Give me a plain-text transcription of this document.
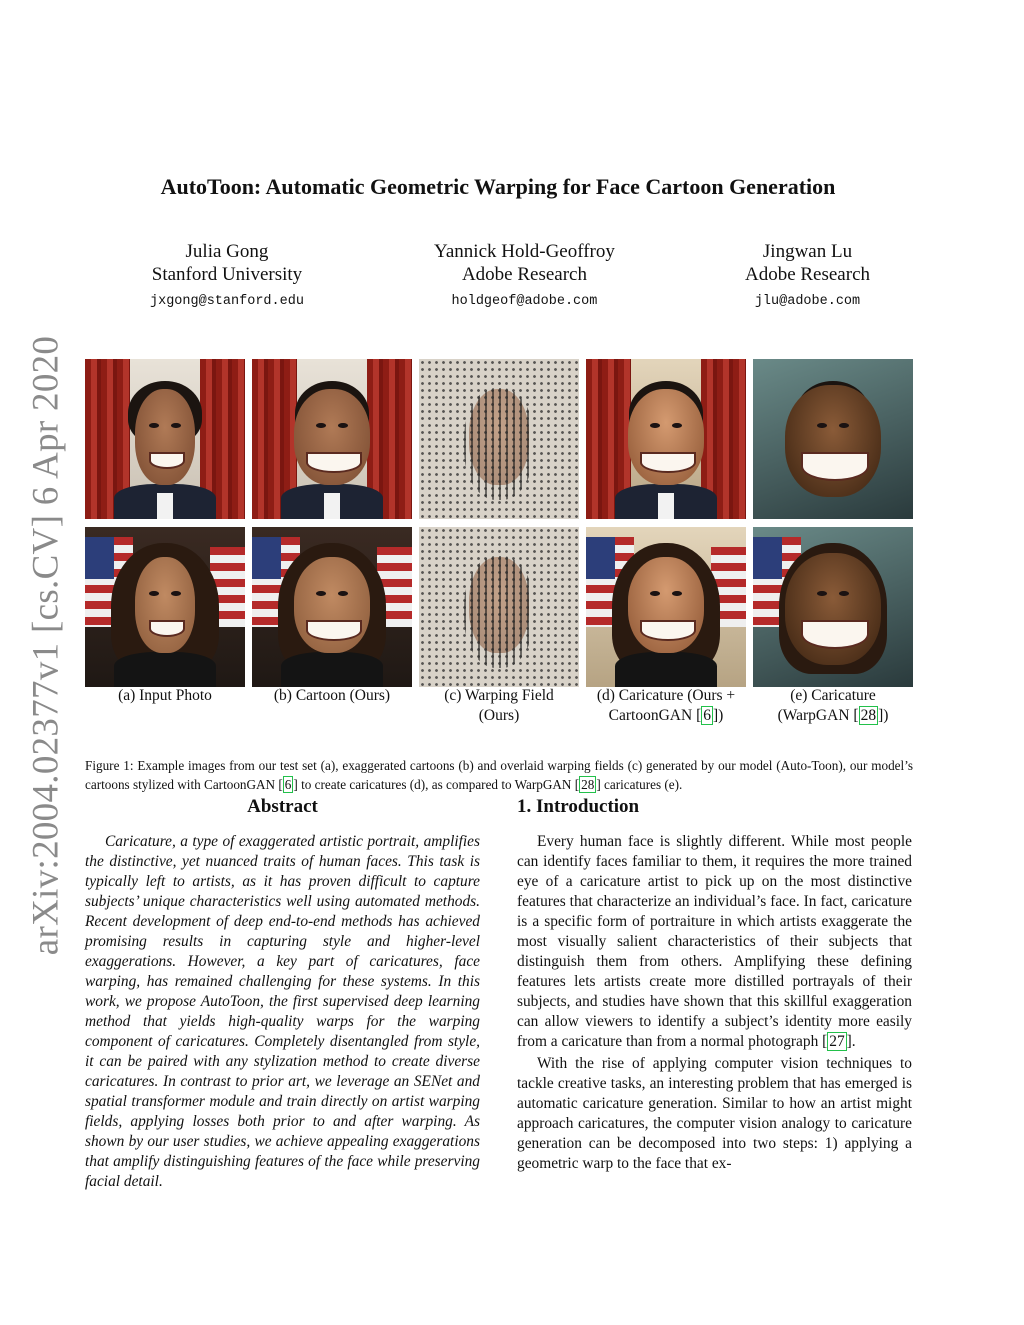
arXiv:2004.02377v1 [cs.CV] 6 Apr 2020
AutoToon: Automatic Geometric Warping for Face Cartoon Generation
Julia Gong
Stanford University
jxgong@stanford.edu
Yannick Hold-Geoffroy
Adobe Research
holdgeof@adobe.com
Jingwan Lu
Adobe Research
jlu@adobe.com
(a) Input Photo	(b) Cartoon (Ours)	(c) Warping Field
(Ours)
(d) Caricature (Ours +
CartoonGAN [ 6 ])
(e) Caricature
(WarpGAN [ 28 ])

Figure 1: Example images from our test set (a), exaggerated cartoons (b) and overlaid warping fields (c) generated by our model (Auto-Toon), our model’s cartoons stylized with CartoonGAN [ 6 ] to create caricatures (d), as compared to WarpGAN [ 28 ] caricatures (e).

Abstract

Caricature, a type of exaggerated artistic portrait, amplifies the distinctive, yet nuanced traits of human faces. This task is typically left to artists, as it has proven difficult to capture subjects’ unique characteristics well using automated methods. Recent development of deep end-to-end methods has achieved promising results in capturing style and higher-level exaggerations. However, a key part of caricatures, face warping, has remained challenging for these systems. In this work, we propose AutoToon, the first supervised deep learning method that yields high-quality warps for the warping component of caricatures. Completely disentangled from style, it can be paired with any stylization method to create diverse caricatures. In contrast to prior art, we leverage an SENet and spatial transformer module and train directly on artist warping fields, applying losses both prior to and after warping. As shown by our user studies, we achieve appealing exaggerations that amplify distinguishing features of the face while preserving facial detail.

1. Introduction

Every human face is slightly different. While most people can identify faces familiar to them, it requires the more trained eye of a caricature artist to pick up on the most distinctive features that characterize an individual’s face. In fact, caricature is a specific form of portraiture in which artists exaggerate the most visually salient characteristics of their subjects that distinguish them from others. Amplifying these defining features lets artists create more distilled portrayals of their subjects, and studies have shown that this skillful exaggeration can allow viewers to identify a subject’s identity more easily from a caricature than from a normal photograph [ 27 ].

With the rise of applying computer vision techniques to tackle creative tasks, an interesting problem that has emerged is automatic caricature generation. Similar to how an artist might approach caricatures, the computer vision analogy to caricature generation can be decomposed into two steps: 1) applying a geometric warp to the face that ex-
